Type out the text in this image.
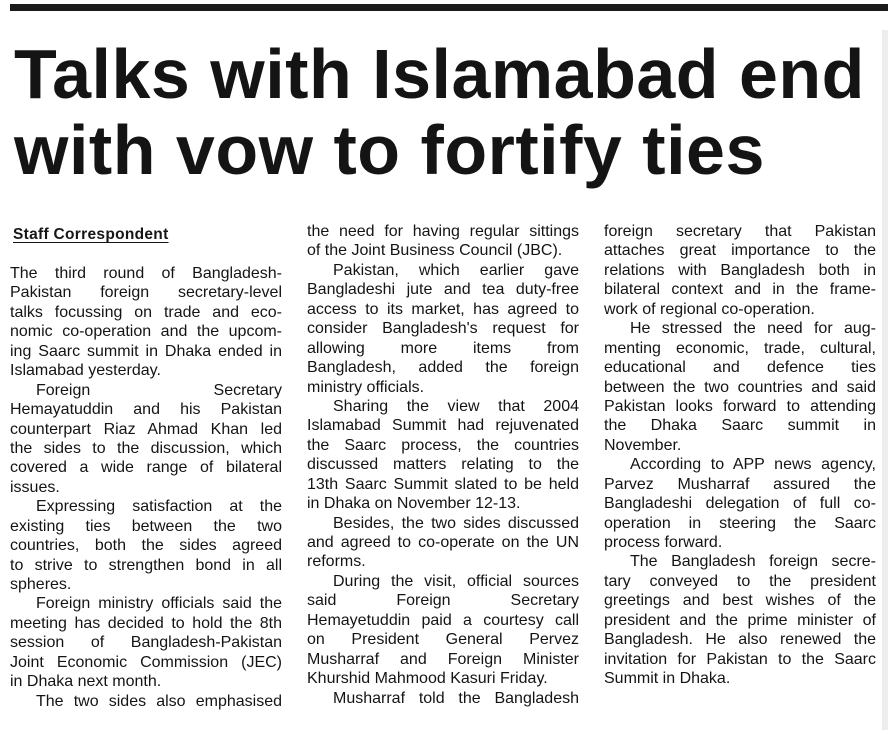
Talks with Islamabad end
with vow to fortify ties
Staff Correspondent
The third round of Bangladesh-
Pakistan foreign secretary-level
talks focussing on trade and eco-
nomic co-operation and the upcom-
ing Saarc summit in Dhaka ended in
Islamabad yesterday.
Foreign Secretary
Hemayatuddin and his Pakistan
counterpart Riaz Ahmad Khan led
the sides to the discussion, which
covered a wide range of bilateral
issues.
Expressing satisfaction at the
existing ties between the two
countries, both the sides agreed
to strive to strengthen bond in all
spheres.
Foreign ministry officials said the
meeting has decided to hold the 8th
session of Bangladesh-Pakistan
Joint Economic Commission (JEC)
in Dhaka next month.
The two sides also emphasised
the need for having regular sittings
of the Joint Business Council (JBC).
Pakistan, which earlier gave
Bangladeshi jute and tea duty-free
access to its market, has agreed to
consider Bangladesh's request for
allowing more items from
Bangladesh, added the foreign
ministry officials.
Sharing the view that 2004
Islamabad Summit had rejuvenated
the Saarc process, the countries
discussed matters relating to the
13th Saarc Summit slated to be held
in Dhaka on November 12-13.
Besides, the two sides discussed
and agreed to co-operate on the UN
reforms.
During the visit, official sources
said Foreign Secretary
Hemayetuddin paid a courtesy call
on President General Pervez
Musharraf and Foreign Minister
Khurshid Mahmood Kasuri Friday.
Musharraf told the Bangladesh
foreign secretary that Pakistan
attaches great importance to the
relations with Bangladesh both in
bilateral context and in the frame-
work of regional co-operation.
He stressed the need for aug-
menting economic, trade, cultural,
educational and defence ties
between the two countries and said
Pakistan looks forward to attending
the Dhaka Saarc summit in
November.
According to APP news agency,
Parvez Musharraf assured the
Bangladeshi delegation of full co-
operation in steering the Saarc
process forward.
The Bangladesh foreign secre-
tary conveyed to the president
greetings and best wishes of the
president and the prime minister of
Bangladesh. He also renewed the
invitation for Pakistan to the Saarc
Summit in Dhaka.
